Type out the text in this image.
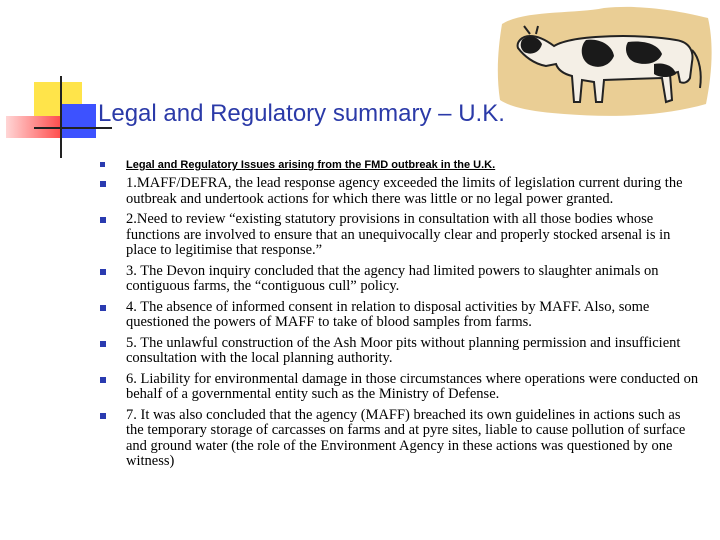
Legal and Regulatory summary – U.K.
Legal and Regulatory Issues arising from the FMD outbreak in the U.K.
1.MAFF/DEFRA, the lead response agency exceeded the limits of legislation current during the outbreak and undertook actions for which there was little or no legal power granted.
2.Need to review “existing statutory provisions in consultation with all those bodies whose functions are involved to ensure that an unequivocally clear and properly stocked arsenal is in place to legitimise that response.”
3. The Devon inquiry concluded that the agency had limited powers to slaughter animals on contiguous farms, the “contiguous cull” policy.
4. The absence of informed consent in relation to disposal activities by MAFF. Also, some questioned the powers of MAFF to take of blood samples from farms.
5. The unlawful construction of the Ash Moor pits without planning permission and insufficient consultation with the local planning authority.
6. Liability for environmental damage in those circumstances where operations were conducted on behalf of a governmental entity such as the Ministry of Defense.
7. It was also concluded that the agency (MAFF) breached its own guidelines in actions such as the temporary storage of carcasses on farms and at pyre sites, liable to cause pollution of surface and ground water (the role of the Environment Agency in these actions was questioned by one witness)
